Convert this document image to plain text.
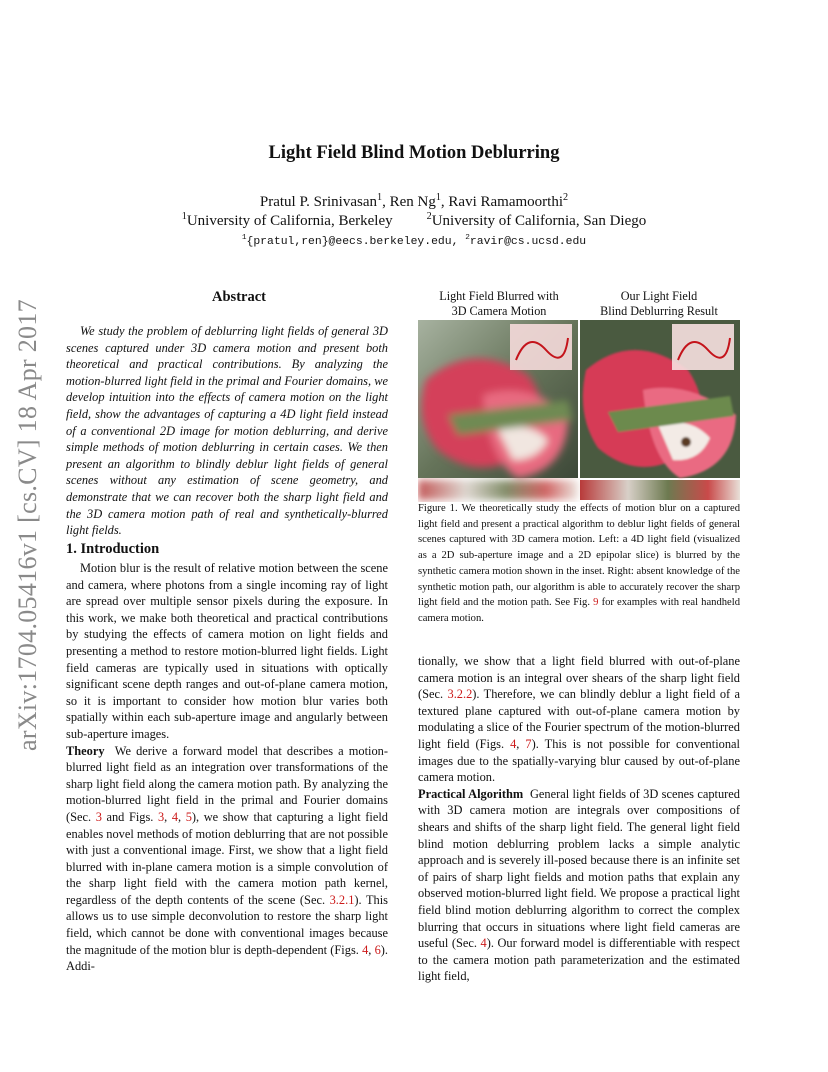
arXiv:1704.05416v1 [cs.CV] 18 Apr 2017
Light Field Blind Motion Deblurring
Pratul P. Srinivasan$^1$, Ren Ng$^1$, Ravi Ramamoorthi$^2$
$^1$University of California, Berkeley	$^2$University of California, San Diego
$^1${pratul,ren}@eecs.berkeley.edu, $^2$ravir@cs.ucsd.edu
Abstract

We study the problem of deblurring light fields of general 3D scenes captured under 3D camera motion and present both theoretical and practical contributions. By analyzing the motion-blurred light field in the primal and Fourier domains, we develop intuition into the effects of camera motion on the light field, show the advantages of capturing a 4D light field instead of a conventional 2D image for motion deblurring, and derive simple methods of motion deblurring in certain cases. We then present an algorithm to blindly deblur light fields of general scenes without any estimation of scene geometry, and demonstrate that we can recover both the sharp light field and the 3D camera motion path of real and synthetically-blurred light fields.

1. Introduction

Motion blur is the result of relative motion between the scene and camera, where photons from a single incoming ray of light are spread over multiple sensor pixels during the exposure. In this work, we make both theoretical and practical contributions by studying the effects of camera motion on light fields and presenting a method to restore motion-blurred light fields. Light field cameras are typically used in situations with optically significant scene depth ranges and out-of-plane camera motion, so it is important to consider how motion blur varies both spatially within each sub-aperture image and angularly between sub-aperture images.

Theory We derive a forward model that describes a motion-blurred light field as an integration over transformations of the sharp light field along the camera motion path. By analyzing the motion-blurred light field in the primal and Fourier domains (Sec. 3 and Figs. 3, 4, 5), we show that capturing a light field enables novel methods of motion deblurring that are not possible with just a conventional image. First, we show that a light field blurred with in-plane camera motion is a simple convolution of the sharp light field with the camera motion path kernel, regardless of the depth contents of the scene (Sec. 3.2.1). This allows us to use simple deconvolution to restore the sharp light field, which cannot be done with conventional images because the magnitude of the motion blur is depth-dependent (Figs. 4, 6). Addi-

Light Field Blurred with
3D Camera Motion
Our Light Field
Blind Deblurring Result
Figure 1. We theoretically study the effects of motion blur on a captured light field and present a practical algorithm to deblur light fields of general scenes captured with 3D camera motion. Left: a 4D light field (visualized as a 2D sub-aperture image and a 2D epipolar slice) is blurred by the synthetic camera motion shown in the inset. Right: absent knowledge of the synthetic motion path, our algorithm is able to accurately recover the sharp light field and the motion path. See Fig. 9 for examples with real handheld camera motion.

tionally, we show that a light field blurred with out-of-plane camera motion is an integral over shears of the sharp light field (Sec. 3.2.2). Therefore, we can blindly deblur a light field of a textured plane captured with out-of-plane camera motion by modulating a slice of the Fourier spectrum of the motion-blurred light field (Figs. 4, 7). This is not possible for conventional images due to the spatially-varying blur caused by out-of-plane camera motion.

Practical Algorithm General light fields of 3D scenes captured with 3D camera motion are integrals over compositions of shears and shifts of the sharp light field. The general light field blind motion deblurring problem lacks a simple analytic approach and is severely ill-posed because there is an infinite set of pairs of sharp light fields and motion paths that explain any observed motion-blurred light field. We propose a practical light field blind motion deblurring algorithm to correct the complex blurring that occurs in situations where light field cameras are useful (Sec. 4). Our forward model is differentiable with respect to the camera motion path parameterization and the estimated light field,
